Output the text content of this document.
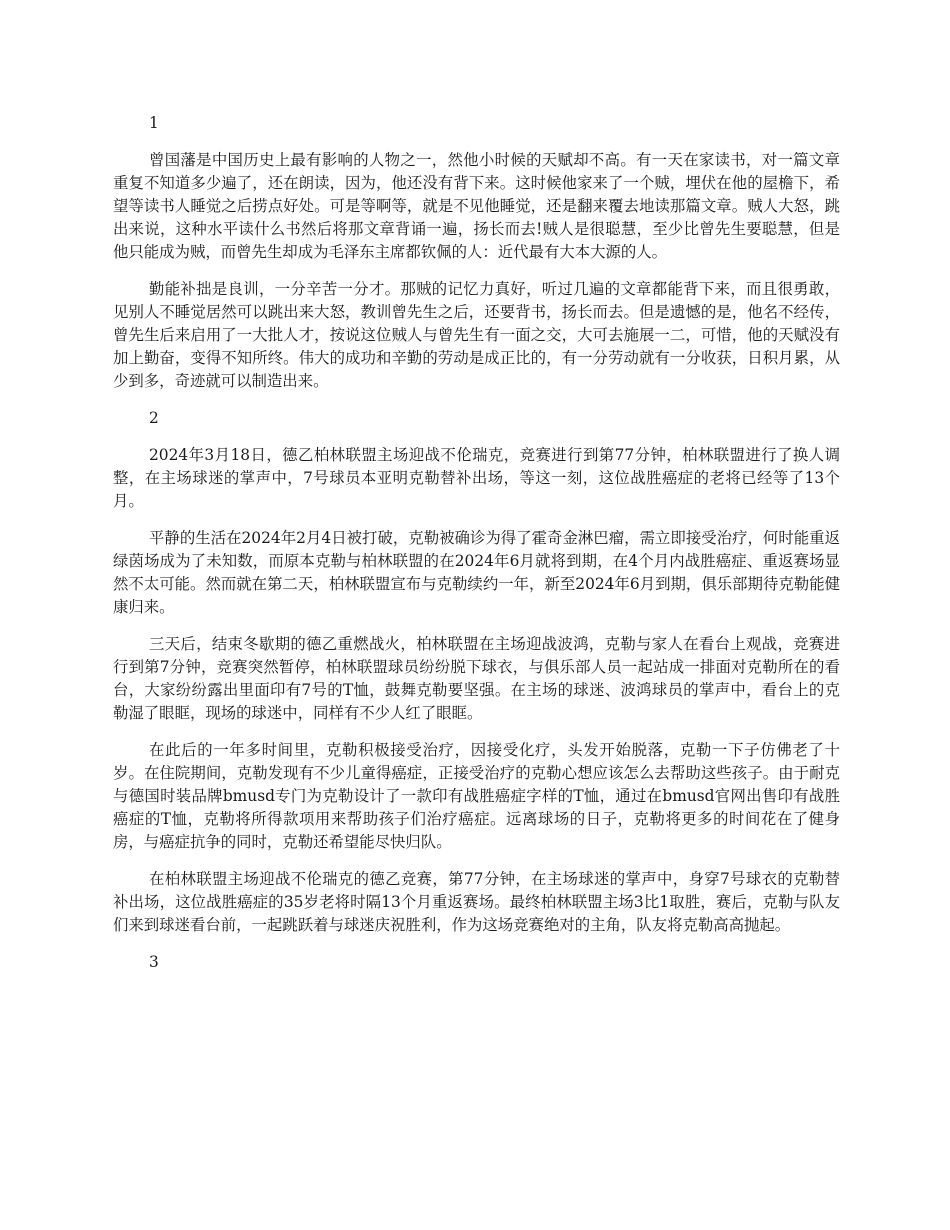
1

曾国藩是中国历史上最有影响的人物之一，然他小时候的天赋却不高。有一天在家读书，对一篇文章重复不知道多少遍了，还在朗读，因为，他还没有背下来。这时候他家来了一个贼，埋伏在他的屋檐下，希望等读书人睡觉之后捞点好处。可是等啊等，就是不见他睡觉，还是翻来覆去地读那篇文章。贼人大怒，跳出来说，这种水平读什么书然后将那文章背诵一遍，扬长而去!贼人是很聪慧，至少比曾先生要聪慧，但是他只能成为贼，而曾先生却成为毛泽东主席都钦佩的人：近代最有大本大源的人。

勤能补拙是良训，一分辛苦一分才。那贼的记忆力真好，听过几遍的文章都能背下来，而且很勇敢，见别人不睡觉居然可以跳出来大怒，教训曾先生之后，还要背书，扬长而去。但是遗憾的是，他名不经传，曾先生后来启用了一大批人才，按说这位贼人与曾先生有一面之交，大可去施展一二，可惜，他的天赋没有加上勤奋，变得不知所终。伟大的成功和辛勤的劳动是成正比的，有一分劳动就有一分收获，日积月累，从少到多，奇迹就可以制造出来。

2

2024年3月18日，德乙柏林联盟主场迎战不伦瑞克，竞赛进行到第77分钟，柏林联盟进行了换人调整，在主场球迷的掌声中，7号球员本亚明克勒替补出场，等这一刻，这位战胜癌症的老将已经等了13个月。

平静的生活在2024年2月4日被打破，克勒被确诊为得了霍奇金淋巴瘤，需立即接受治疗，何时能重返绿茵场成为了未知数，而原本克勒与柏林联盟的在2024年6月就将到期，在4个月内战胜癌症、重返赛场显然不太可能。然而就在第二天，柏林联盟宣布与克勒续约一年，新至2024年6月到期，俱乐部期待克勒能健康归来。

三天后，结束冬歇期的德乙重燃战火，柏林联盟在主场迎战波鸿，克勒与家人在看台上观战，竞赛进行到第7分钟，竞赛突然暂停，柏林联盟球员纷纷脱下球衣，与俱乐部人员一起站成一排面对克勒所在的看台，大家纷纷露出里面印有7号的T恤，鼓舞克勒要坚强。在主场的球迷、波鸿球员的掌声中，看台上的克勒湿了眼眶，现场的球迷中，同样有不少人红了眼眶。

在此后的一年多时间里，克勒积极接受治疗，因接受化疗，头发开始脱落，克勒一下子仿佛老了十岁。在住院期间，克勒发现有不少儿童得癌症，正接受治疗的克勒心想应该怎么去帮助这些孩子。由于耐克与德国时装品牌bmusd专门为克勒设计了一款印有战胜癌症字样的T恤，通过在bmusd官网出售印有战胜癌症的T恤，克勒将所得款项用来帮助孩子们治疗癌症。远离球场的日子，克勒将更多的时间花在了健身房，与癌症抗争的同时，克勒还希望能尽快归队。

在柏林联盟主场迎战不伦瑞克的德乙竞赛，第77分钟，在主场球迷的掌声中，身穿7号球衣的克勒替补出场，这位战胜癌症的35岁老将时隔13个月重返赛场。最终柏林联盟主场3比1取胜，赛后，克勒与队友们来到球迷看台前，一起跳跃着与球迷庆祝胜利，作为这场竞赛绝对的主角，队友将克勒高高抛起。

3
